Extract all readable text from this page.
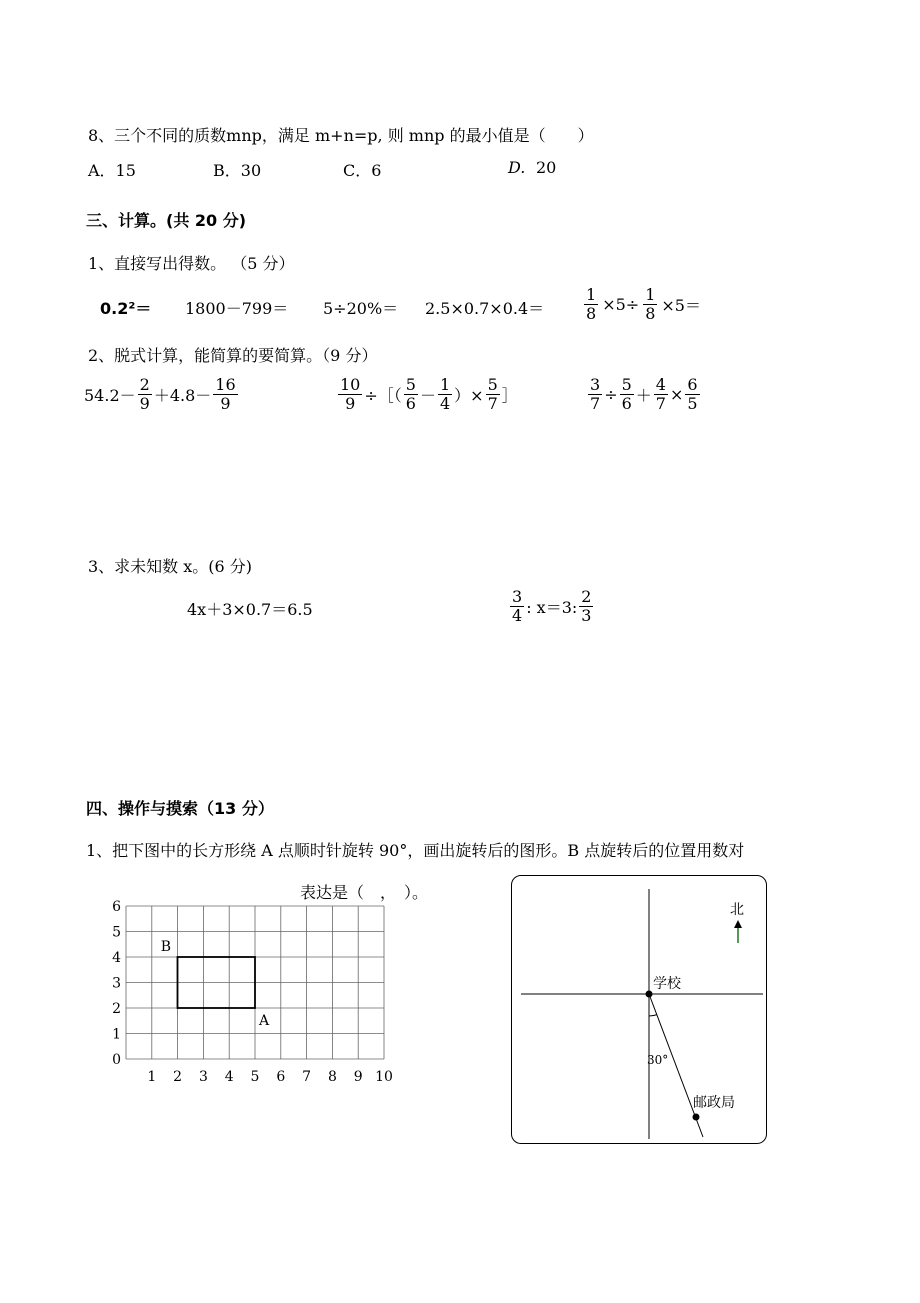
8、三个不同的质数mnp，满足 m+n=p, 则 mnp 的最小值是（　　）
A．15	B．30	C．6	D. 20
三、计算。(共 20 分)
1、直接写出得数。 （5 分）
$0.2^2= 1800-799= 5\div 20\%= 2.5\times 0.7\times 0.4= \frac{1}{8} \times 5\div \frac{1}{8} \times 5=$
2、脱式计算，能简算的要简算。（9 分）
$54.2- \frac{2}{9} +4.8- \frac{16}{9}$	$\frac{10}{9}$ ÷［（ $\frac{5}{6} - \frac{1}{4}$ ）× $\frac{5}{7}$ ］	$\frac{3}{7} \div \frac{5}{6} + \frac{4}{7} \times \frac{6}{5}$
3、求未知数 x。(6 分)
4x＋3×0.7＝6.5	$\frac{3}{4}$ : x＝3: $\frac{2}{3}$
四、操作与摸索（13 分）
1、把下图中的长方形绕 A 点顺时针旋转 90°，画出旋转后的图形。B 点旋转后的位置用数对
表达是（　，　）。
1 2 3 4 5 6 7 8 9 10
0
1
2
3
4
5
6
B
A
北
学校
30°
邮政局
